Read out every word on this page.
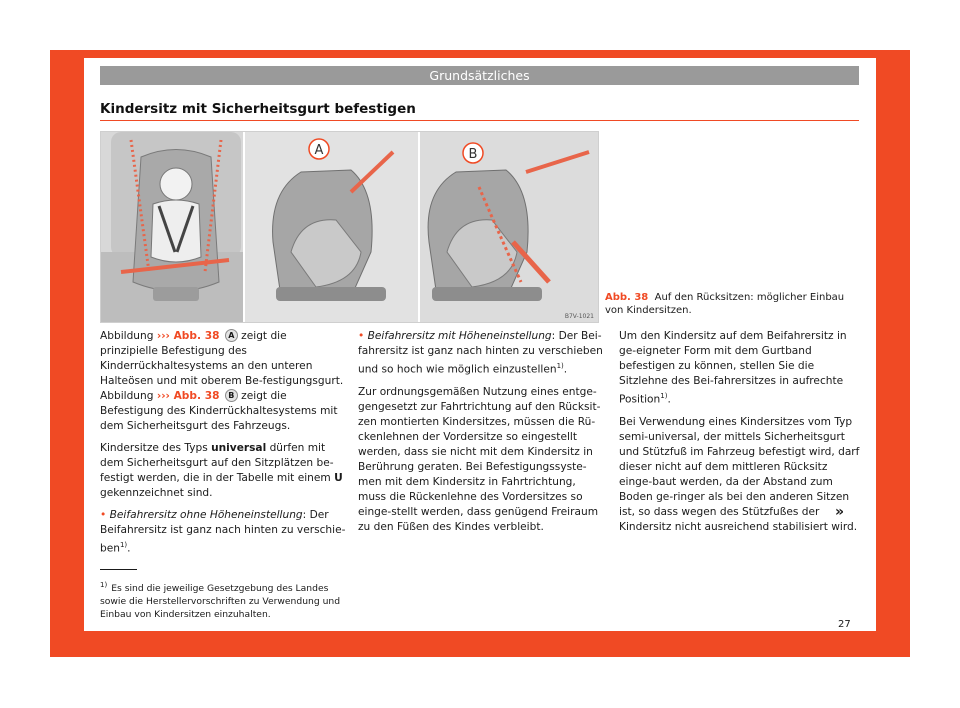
Grundsätzliches
Kindersitz mit Sicherheitsgurt befestigen
A	B
B7V-1021
Abb. 38 Auf den Rücksitzen: möglicher Einbau von Kindersitzen.

Abbildung ››› Abb. 38 A zeigt die prinzipielle Befestigung des Kinderrückhaltesystems an den unteren Halteösen und mit oberem Be-festigungsgurt. Abbildung ››› Abb. 38 B zeigt die Befestigung des Kinderrückhaltesystems mit dem Sicherheitsgurt des Fahrzeugs.

Kindersitze des Typs universal dürfen mit dem Sicherheitsgurt auf den Sitzplätzen be-festigt werden, die in der Tabelle mit einem U gekennzeichnet sind.

• Beifahrersitz ohne Höheneinstellung: Der Beifahrersitz ist ganz nach hinten zu verschie-ben$^{1)}$.

• Beifahrersitz mit Höheneinstellung: Der Bei-fahrersitz ist ganz nach hinten zu verschieben und so hoch wie möglich einzustellen$^{1)}$.

Zur ordnungsgemäßen Nutzung eines entge-gengesetzt zur Fahrtrichtung auf den Rücksit-zen montierten Kindersitzes, müssen die Rü-ckenlehnen der Vordersitze so eingestellt werden, dass sie nicht mit dem Kindersitz in Berührung geraten. Bei Befestigungssyste-men mit dem Kindersitz in Fahrtrichtung, muss die Rückenlehne des Vordersitzes so einge-stellt werden, dass genügend Freiraum zu den Füßen des Kindes verbleibt.

Um den Kindersitz auf dem Beifahrersitz in ge-eigneter Form mit dem Gurtband befestigen zu können, stellen Sie die Sitzlehne des Bei-fahrersitzes in aufrechte Position$^{1)}$.

Bei Verwendung eines Kindersitzes vom Typ semi-universal, der mittels Sicherheitsgurt und Stützfuß im Fahrzeug befestigt wird, darf dieser nicht auf dem mittleren Rücksitz einge-baut werden, da der Abstand zum Boden ge-ringer als bei den anderen Sitzen ist, so dass wegen des Stützfußes der Kindersitz nicht ausreichend stabilisiert wird.

»
$^{1)}$ Es sind die jeweilige Gesetzgebung des Landes sowie die Herstellervorschriften zu Verwendung und Einbau von Kindersitzen einzuhalten.
27
